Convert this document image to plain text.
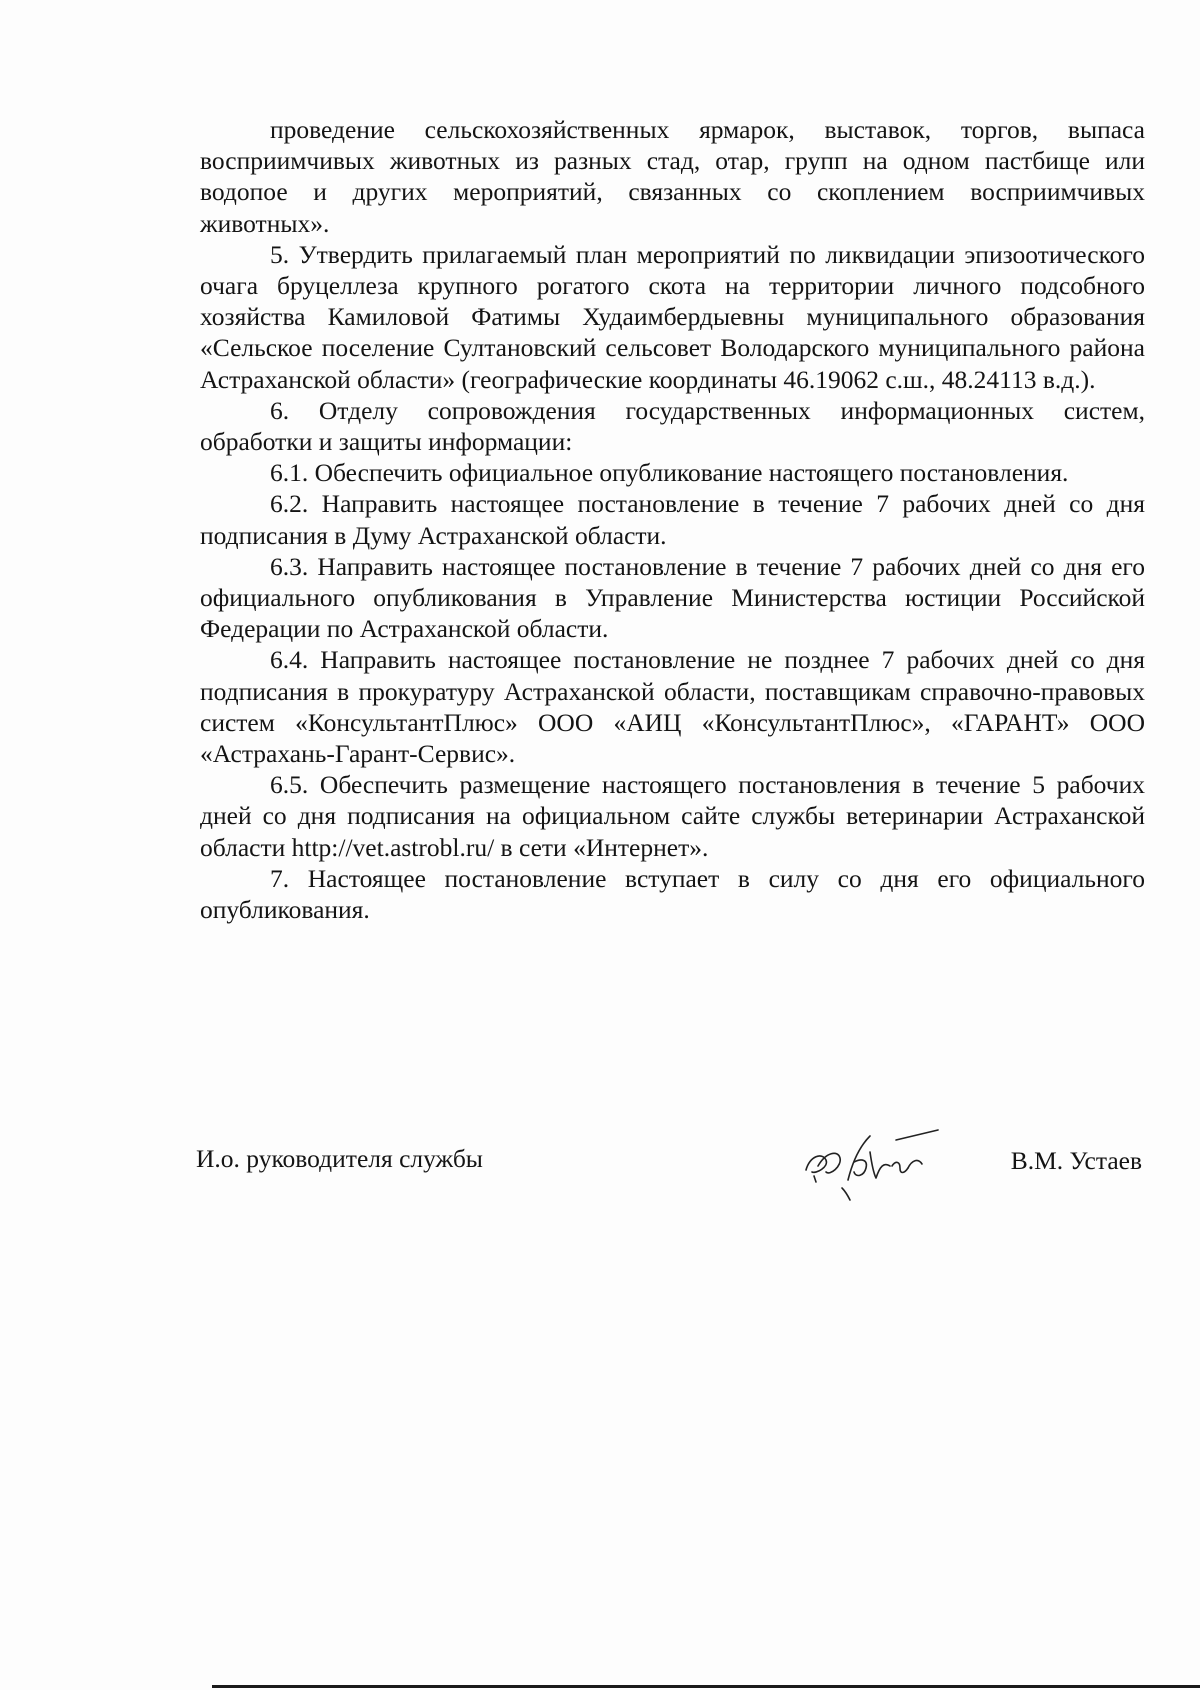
проведение сельскохозяйственных ярмарок, выставок, торгов, выпаса восприимчивых животных из разных стад, отар, групп на одном пастбище или водопое и других мероприятий, связанных со скоплением восприимчивых животных».

5. Утвердить прилагаемый план мероприятий по ликвидации эпизоотического очага бруцеллеза крупного рогатого скота на территории личного подсобного хозяйства Камиловой Фатимы Худаимбердыевны муниципального образования «Сельское поселение Султановский сельсовет Володарского муниципального района Астраханской области» (географические координаты 46.19062 с.ш., 48.24113 в.д.).

6. Отделу сопровождения государственных информационных систем, обработки и защиты информации:

6.1. Обеспечить официальное опубликование настоящего постановления.

6.2. Направить настоящее постановление в течение 7 рабочих дней со дня подписания в Думу Астраханской области.

6.3. Направить настоящее постановление в течение 7 рабочих дней со дня его официального опубликования в Управление Министерства юстиции Российской Федерации по Астраханской области.

6.4. Направить настоящее постановление не позднее 7 рабочих дней со дня подписания в прокуратуру Астраханской области, поставщикам справочно-правовых систем «КонсультантПлюс» ООО «АИЦ «КонсультантПлюс», «ГАРАНТ» ООО «Астрахань-Гарант-Сервис».

6.5. Обеспечить размещение настоящего постановления в течение 5 рабочих дней со дня подписания на официальном сайте службы ветеринарии Астраханской области http://vet.astrobl.ru/ в сети «Интернет».

7. Настоящее постановление вступает в силу со дня его официального опубликования.

И.о. руководителя службы	В.М. Устаев
